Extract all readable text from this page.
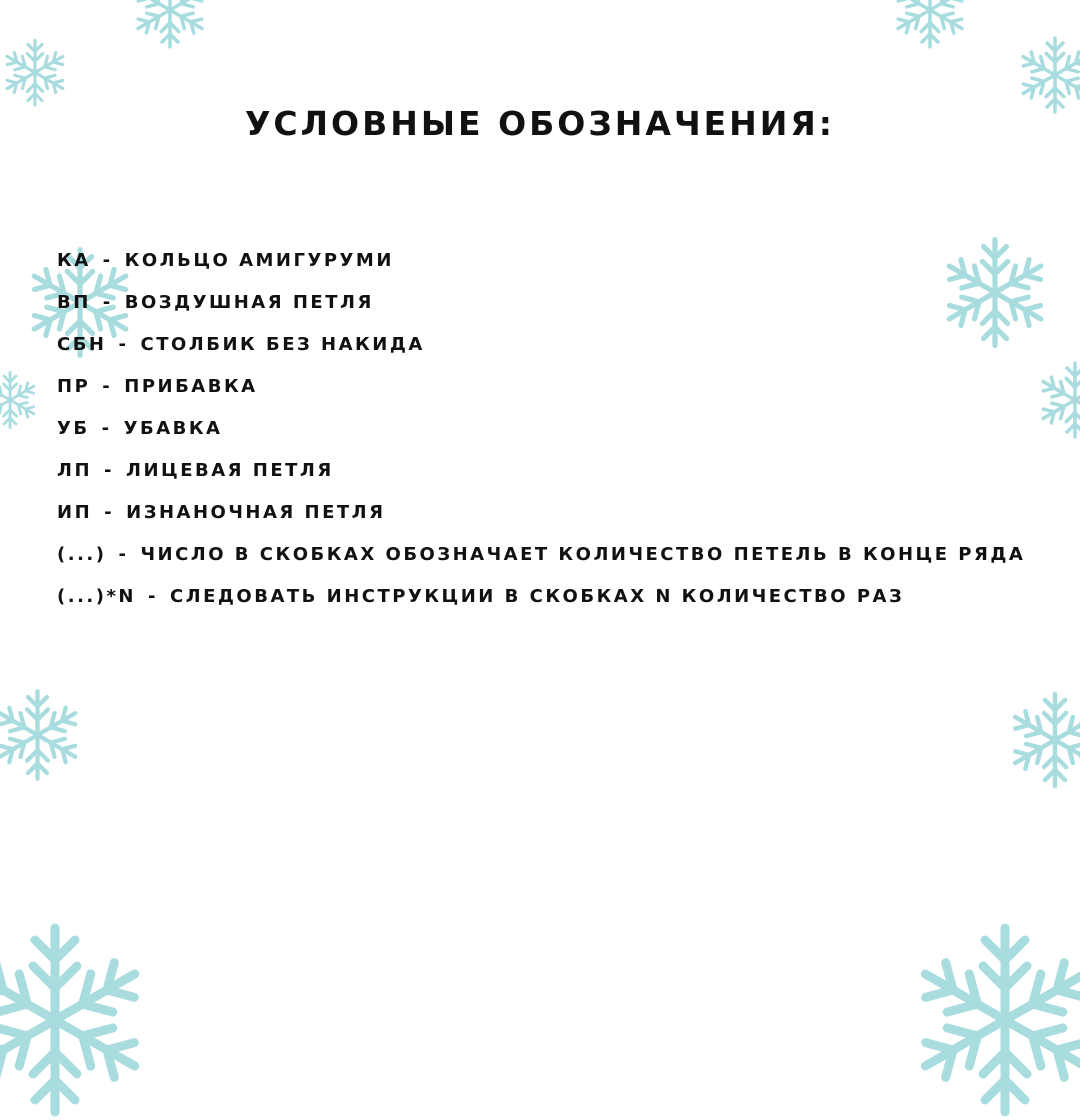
УСЛОВНЫЕ ОБОЗНАЧЕНИЯ:
КА - КОЛЬЦО АМИГУРУМИ
ВП - ВОЗДУШНАЯ ПЕТЛЯ
СБН - СТОЛБИК БЕЗ НАКИДА
ПР - ПРИБАВКА
УБ - УБАВКА
ЛП - ЛИЦЕВАЯ ПЕТЛЯ
ИП - ИЗНАНОЧНАЯ ПЕТЛЯ
(...) - ЧИСЛО В СКОБКАХ ОБОЗНАЧАЕТ КОЛИЧЕСТВО ПЕТЕЛЬ В КОНЦЕ РЯДА
(...)*N - СЛЕДОВАТЬ ИНСТРУКЦИИ В СКОБКАХ N КОЛИЧЕСТВО РАЗ
